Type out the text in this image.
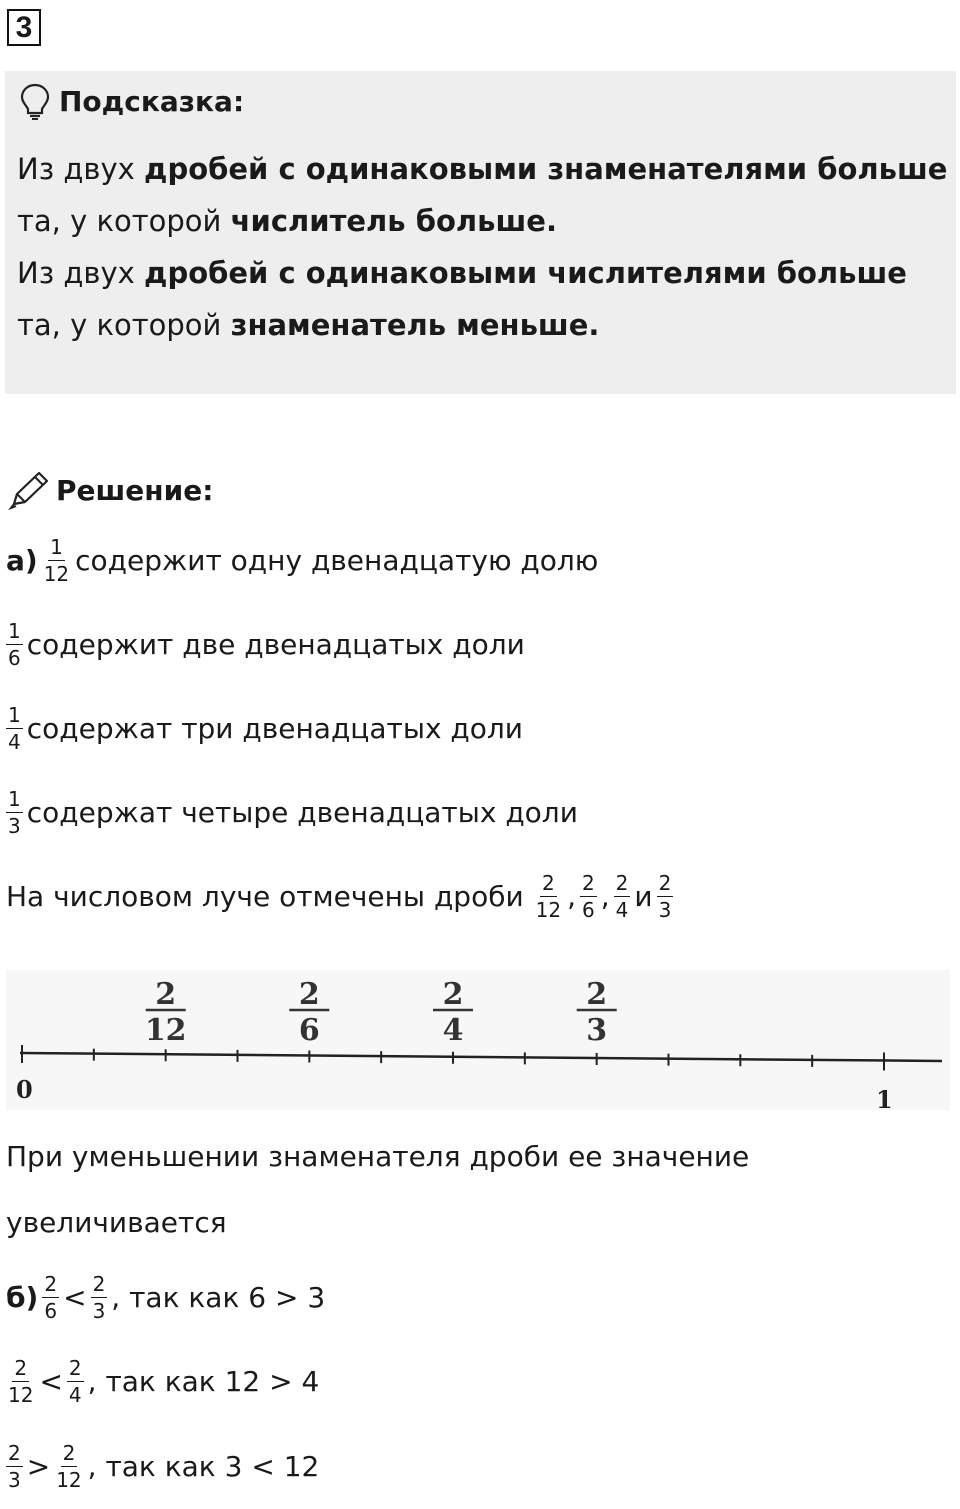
3
Подсказка:

Из двух дробей с одинаковыми знаменателями больше та, у которой числитель больше.

Из двух дробей с одинаковыми числителями больше та, у которой знаменатель меньше.

Решение:
$а) \frac{1}{12}$ содержит одну двенадцатую долю
$\frac{1}{6}$ содержит две двенадцатых доли
$\frac{1}{4}$ содержат три двенадцатых доли
$\frac{1}{3}$ содержат четыре двенадцатых доли
На числовом луче отмечены дроби $\frac{2}{12}$ , $\frac{2}{6}$ , $\frac{2}{4}$ и $\frac{2}{3}$
0	1
2
12
2
6
2
4
2
3
При уменьшении знаменателя дроби ее значение
увеличивается
$б) \frac{2}{6} < \frac{2}{3}$ , так как 6 > 3
$\frac{2}{12} < \frac{2}{4}$ , так как 12 > 4
$\frac{2}{3} > \frac{2}{12}$ , так как 3 < 12
